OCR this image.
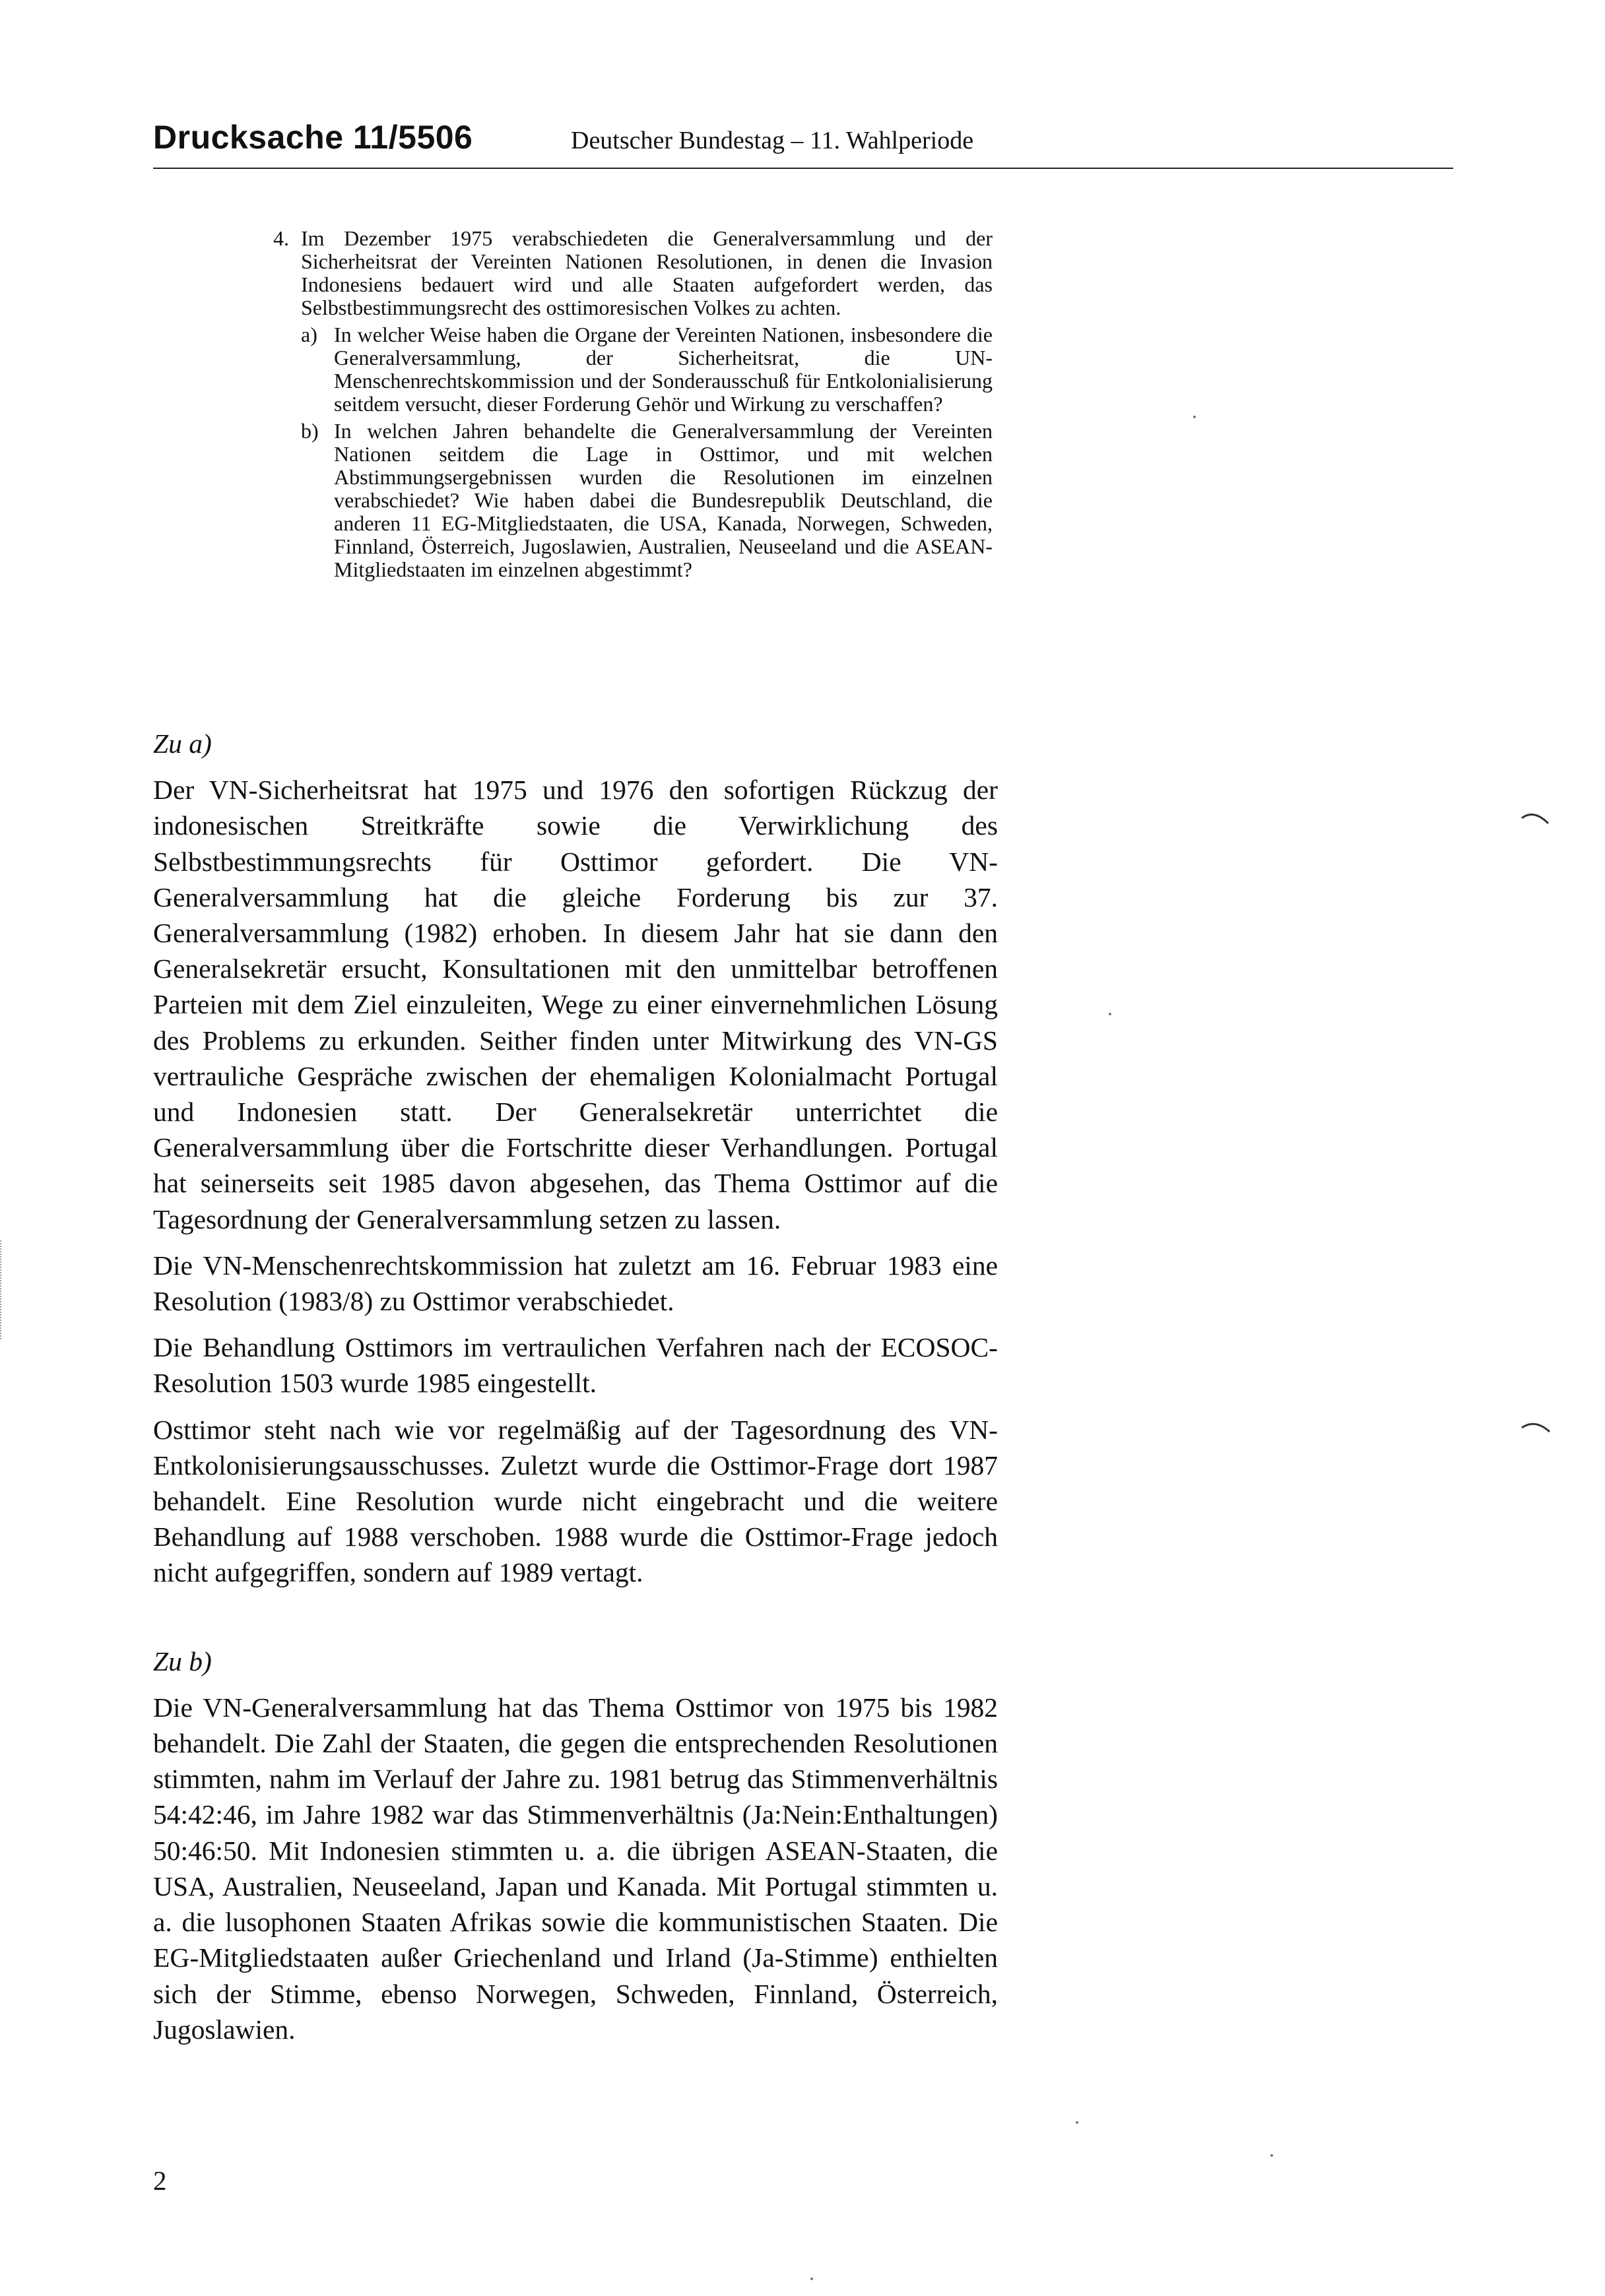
Drucksache 11/5506	Deutscher Bundestag – 11. Wahlperiode
4. Im Dezember 1975 verabschiedeten die Generalversammlung und der Sicherheitsrat der Vereinten Nationen Resolutionen, in denen die Invasion Indonesiens bedauert wird und alle Staaten aufgefordert werden, das Selbstbestimmungsrecht des osttimoresischen Volkes zu achten.

a) In welcher Weise haben die Organe der Vereinten Nationen, insbesondere die Generalversammlung, der Sicherheitsrat, die UN-Menschenrechtskommission und der Sonderausschuß für Entkolonialisierung seitdem versucht, dieser Forderung Gehör und Wirkung zu verschaffen?

b) In welchen Jahren behandelte die Generalversammlung der Vereinten Nationen seitdem die Lage in Osttimor, und mit welchen Abstimmungsergebnissen wurden die Resolutionen im einzelnen verabschiedet? Wie haben dabei die Bundesrepublik Deutschland, die anderen 11 EG-Mitgliedstaaten, die USA, Kanada, Norwegen, Schweden, Finnland, Österreich, Jugoslawien, Australien, Neuseeland und die ASEAN-Mitgliedstaaten im einzelnen abgestimmt?

Zu a)

Der VN-Sicherheitsrat hat 1975 und 1976 den sofortigen Rückzug der indonesischen Streitkräfte sowie die Verwirklichung des Selbstbestimmungsrechts für Osttimor gefordert. Die VN-Generalversammlung hat die gleiche Forderung bis zur 37. Generalversammlung (1982) erhoben. In diesem Jahr hat sie dann den Generalsekretär ersucht, Konsultationen mit den unmittelbar betroffenen Parteien mit dem Ziel einzuleiten, Wege zu einer einvernehmlichen Lösung des Problems zu erkunden. Seither finden unter Mitwirkung des VN-GS vertrauliche Gespräche zwischen der ehemaligen Kolonialmacht Portugal und Indonesien statt. Der Generalsekretär unterrichtet die Generalversammlung über die Fortschritte dieser Verhandlungen. Portugal hat seinerseits seit 1985 davon abgesehen, das Thema Osttimor auf die Tagesordnung der Generalversammlung setzen zu lassen.

Die VN-Menschenrechtskommission hat zuletzt am 16. Februar 1983 eine Resolution (1983/8) zu Osttimor verabschiedet.

Die Behandlung Osttimors im vertraulichen Verfahren nach der ECOSOC-Resolution 1503 wurde 1985 eingestellt.

Osttimor steht nach wie vor regelmäßig auf der Tagesordnung des VN-Entkolonisierungsausschusses. Zuletzt wurde die Osttimor-Frage dort 1987 behandelt. Eine Resolution wurde nicht eingebracht und die weitere Behandlung auf 1988 verschoben. 1988 wurde die Osttimor-Frage jedoch nicht aufgegriffen, sondern auf 1989 vertagt.

Zu b)

Die VN-Generalversammlung hat das Thema Osttimor von 1975 bis 1982 behandelt. Die Zahl der Staaten, die gegen die entsprechenden Resolutionen stimmten, nahm im Verlauf der Jahre zu. 1981 betrug das Stimmenverhältnis 54:42:46, im Jahre 1982 war das Stimmenverhältnis (Ja:Nein:Enthaltungen) 50:46:50. Mit Indonesien stimmten u. a. die übrigen ASEAN-Staaten, die USA, Australien, Neuseeland, Japan und Kanada. Mit Portugal stimmten u. a. die lusophonen Staaten Afrikas sowie die kommunistischen Staaten. Die EG-Mitgliedstaaten außer Griechenland und Irland (Ja-Stimme) enthielten sich der Stimme, ebenso Norwegen, Schweden, Finnland, Österreich, Jugoslawien.

2
